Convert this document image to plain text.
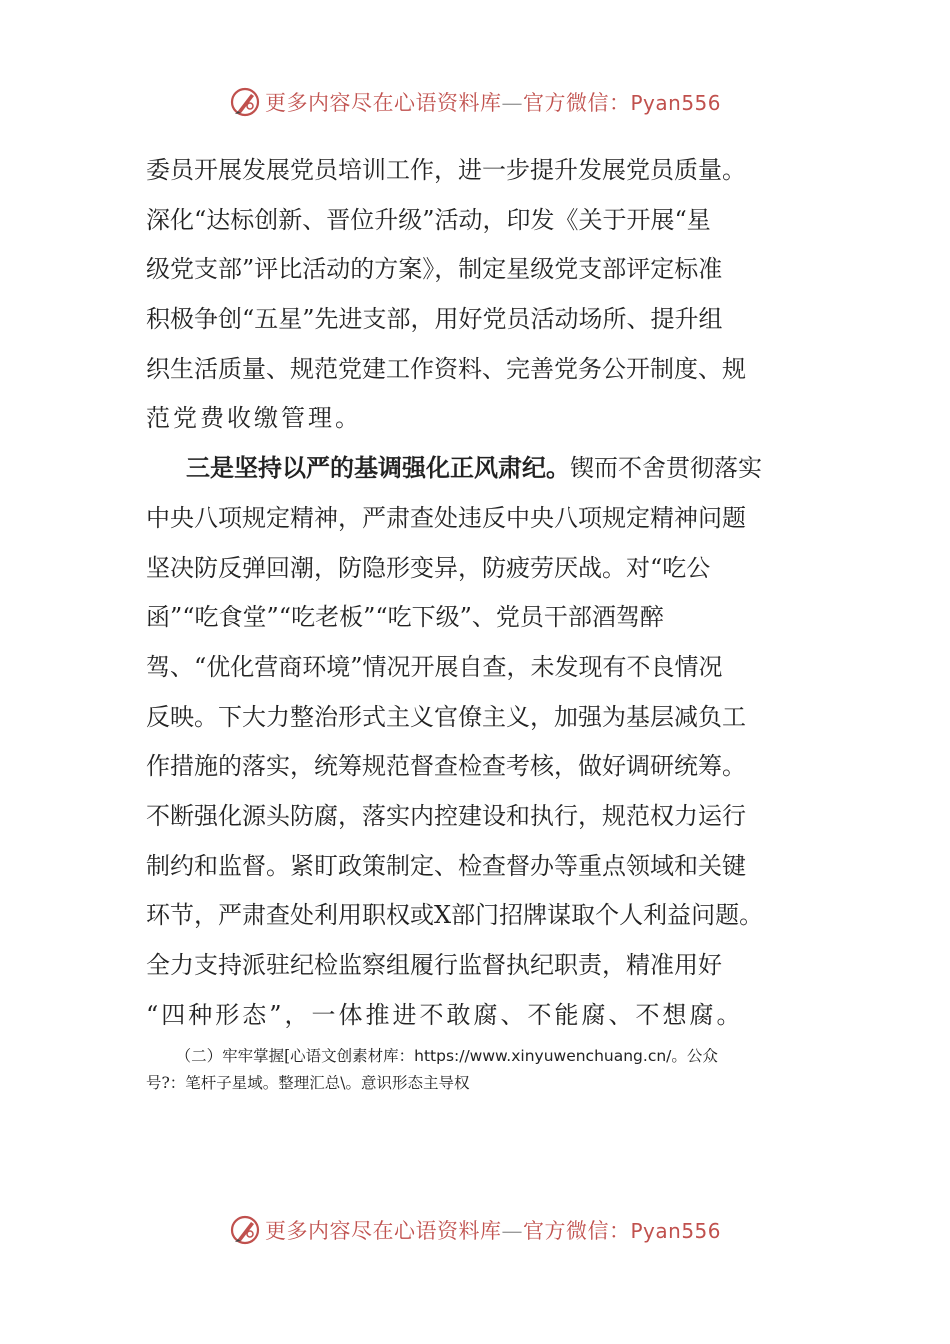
更多内容尽在心语资料库—官方微信：Pyan556
委员开展发展党员培训工作，进一步提升发展党员质量。
深化“达标创新、晋位升级”活动，印发《关于开展“星
级党支部”评比活动的方案》，制定星级党支部评定标准
积极争创“五星”先进支部，用好党员活动场所、提升组
织生活质量、规范党建工作资料、完善党务公开制度、规
范党费收缴管理。
三是坚持以严的基调强化正风肃纪。锲而不舍贯彻落实
中央八项规定精神，严肃查处违反中央八项规定精神问题
坚决防反弹回潮，防隐形变异，防疲劳厌战。对“吃公
函”“吃食堂”“吃老板”“吃下级”、党员干部酒驾醉
驾、“优化营商环境”情况开展自查，未发现有不良情况
反映。下大力整治形式主义官僚主义，加强为基层减负工
作措施的落实，统筹规范督查检查考核，做好调研统筹。
不断强化源头防腐，落实内控建设和执行，规范权力运行
制约和监督。紧盯政策制定、检查督办等重点领域和关键
环节，严肃查处利用职权或X部门招牌谋取个人利益问题。
全力支持派驻纪检监察组履行监督执纪职责，精准用好
“四种形态”，一体推进不敢腐、不能腐、不想腐。
（二）牢牢掌握[心语文创素材库：https://www.xinyuwenchuang.cn/。公众
号?：笔杆子星域。整理汇总\。意识形态主导权
更多内容尽在心语资料库—官方微信：Pyan556
